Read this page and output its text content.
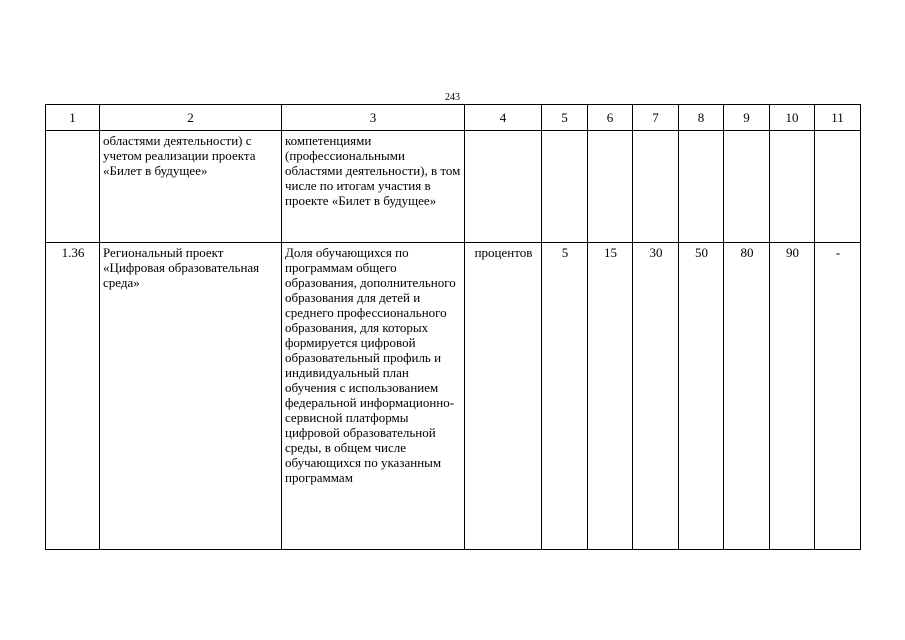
243
1	2	3	4	5	6	7	8	9	10	11
	областями деятельности) с учетом реализации проекта «Билет в будущее»	компетенциями (профессиональными областями деятельности), в том числе по итогам участия в проекте «Билет в будущее»								
1.36	Региональный проект «Цифровая образовательная среда»	Доля обучающихся по программам общего образования, дополнительного образования для детей и среднего профессионального образования, для которых формируется цифровой образовательный профиль и индивидуальный план обучения с использованием федеральной информационно-сервисной платформы цифровой образовательной среды, в общем числе обучающихся по указанным программам	процентов	5	15	30	50	80	90	-
